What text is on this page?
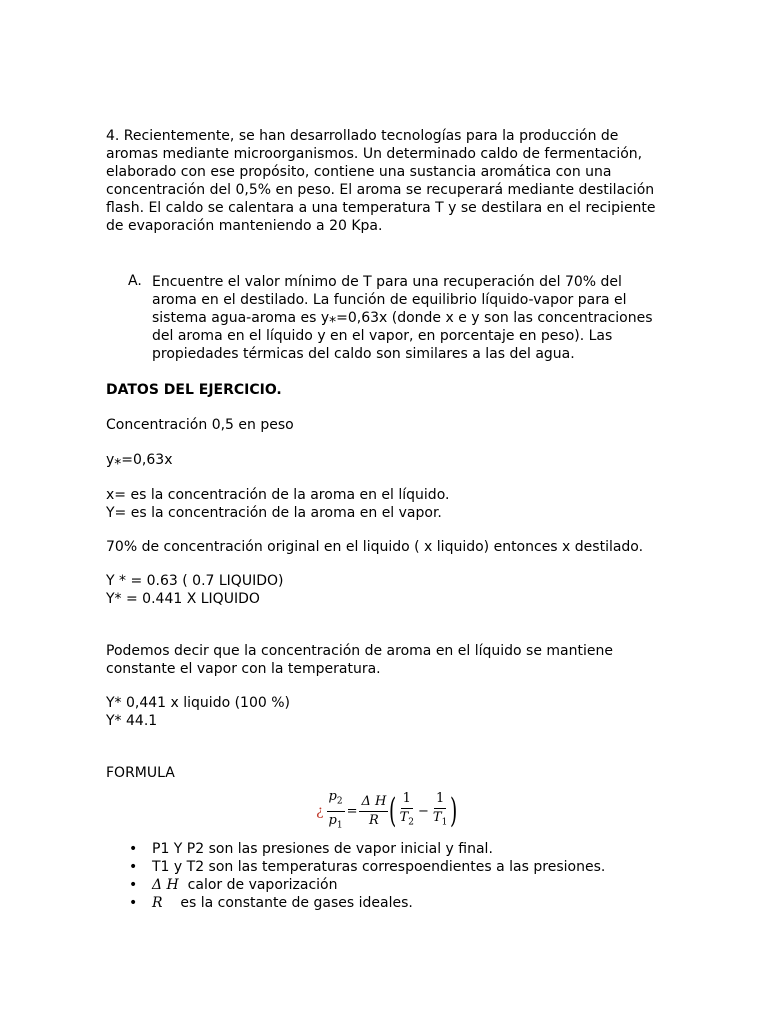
4. Recientemente, se han desarrollado tecnologías para la producción de aromas mediante microorganismos. Un determinado caldo de fermentación, elaborado con ese propósito, contiene una sustancia aromática con una concentración del 0,5% en peso. El aroma se recuperará mediante destilación flash. El caldo se calentara a una temperatura T y se destilara en el recipiente de evaporación manteniendo a 20 Kpa.

A. Encuentre el valor mínimo de T para una recuperación del 70% del aroma en el destilado. La función de equilibrio líquido-vapor para el sistema agua-aroma es y⁎=0,63x (donde x e y son las concentraciones del aroma en el líquido y en el vapor, en porcentaje en peso). Las propiedades térmicas del caldo son similares a las del agua.

DATOS DEL EJERCICIO.

Concentración 0,5 en peso

y⁎=0,63x

x= es la concentración de la aroma en el líquido.

Y= es la concentración de la aroma en el vapor.

70% de concentración original en el liquido ( x liquido) entonces x destilado.

Y * = 0.63 ( 0.7 LIQUIDO)

Y* = 0.441 X LIQUIDO

Podemos decir que la concentración de aroma en el líquido se mantiene constante el vapor con la temperatura.

Y* 0,441 x liquido (100 %)

Y* 44.1

FORMULA

¿ $\frac{p_2}{p_1} = \frac{\text{Δ H}}{R}$ ( $\frac{1}{T_2} - \frac{1}{T_1}$ )
• P1 Y P2 son las presiones de vapor inicial y final.
• T1 y T2 son las temperaturas correspoendientes a las presiones.
• Δ H  calor de vaporización
• R    es la constante de gases ideales.
